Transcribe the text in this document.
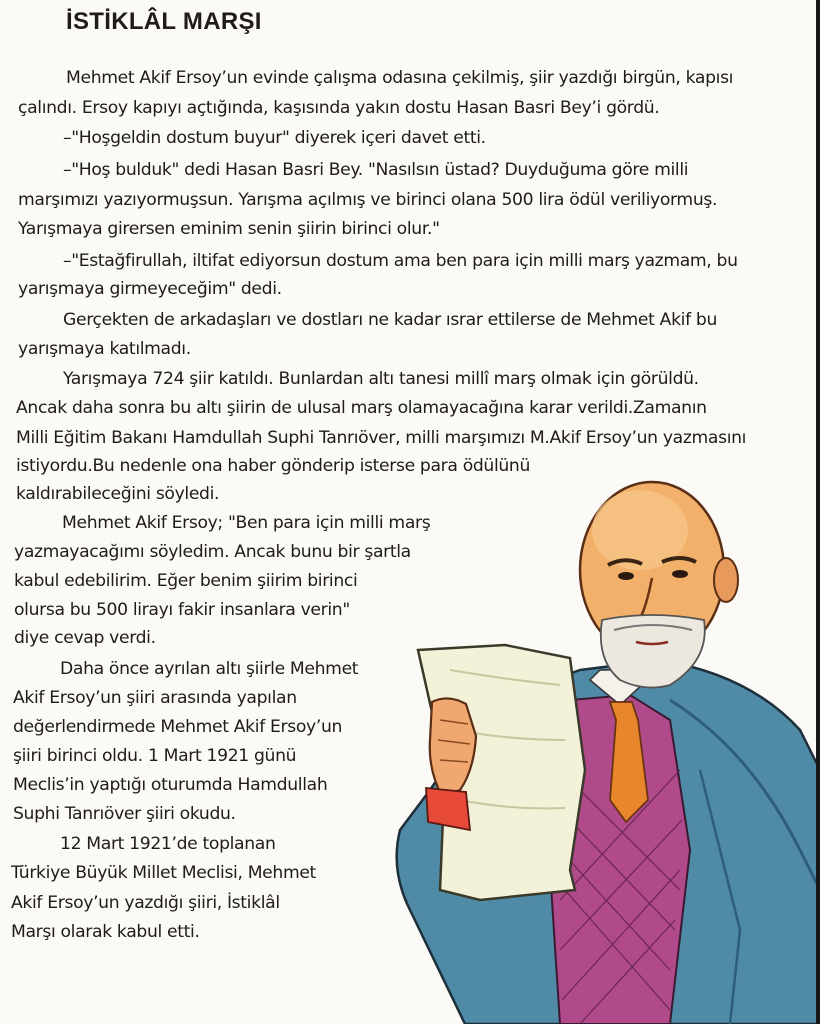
İSTİKLÂL MARŞI
Mehmet Akif Ersoy’un evinde çalışma odasına çekilmiş, şiir yazdığı birgün, kapısı
çalındı. Ersoy kapıyı açtığında, kaşısında yakın dostu Hasan Basri Bey’i gördü.
–"Hoşgeldin dostum buyur" diyerek içeri davet etti.
–"Hoş bulduk" dedi Hasan Basri Bey. "Nasılsın üstad? Duyduğuma göre milli
marşımızı yazıyormuşsun. Yarışma açılmış ve birinci olana 500 lira ödül veriliyormuş.
Yarışmaya girersen eminim senin şiirin birinci olur."
–"Estağfirullah, iltifat ediyorsun dostum ama ben para için milli marş yazmam, bu
yarışmaya girmeyeceğim" dedi.
Gerçekten de arkadaşları ve dostları ne kadar ısrar ettilerse de Mehmet Akif bu
yarışmaya katılmadı.
Yarışmaya 724 şiir katıldı. Bunlardan altı tanesi millî marş olmak için görüldü.
Ancak daha sonra bu altı şiirin de ulusal marş olamayacağına karar verildi.Zamanın
Milli Eğitim Bakanı Hamdullah Suphi Tanrıöver, milli marşımızı M.Akif Ersoy’un yazmasını
istiyordu.Bu nedenle ona haber gönderip isterse para ödülünü
kaldırabileceğini söyledi.
Mehmet Akif Ersoy; "Ben para için milli marş
yazmayacağımı söyledim. Ancak bunu bir şartla
kabul edebilirim. Eğer benim şiirim birinci
olursa bu 500 lirayı fakir insanlara verin"
diye cevap verdi.
Daha önce ayrılan altı şiirle Mehmet
Akif Ersoy’un şiiri arasında yapılan
değerlendirmede Mehmet Akif Ersoy’un
şiiri birinci oldu. 1 Mart 1921 günü
Meclis’in yaptığı oturumda Hamdullah
Suphi Tanrıöver şiiri okudu.
12 Mart 1921’de toplanan
Türkiye Büyük Millet Meclisi, Mehmet
Akif Ersoy’un yazdığı şiiri, İstiklâl
Marşı olarak kabul etti.
